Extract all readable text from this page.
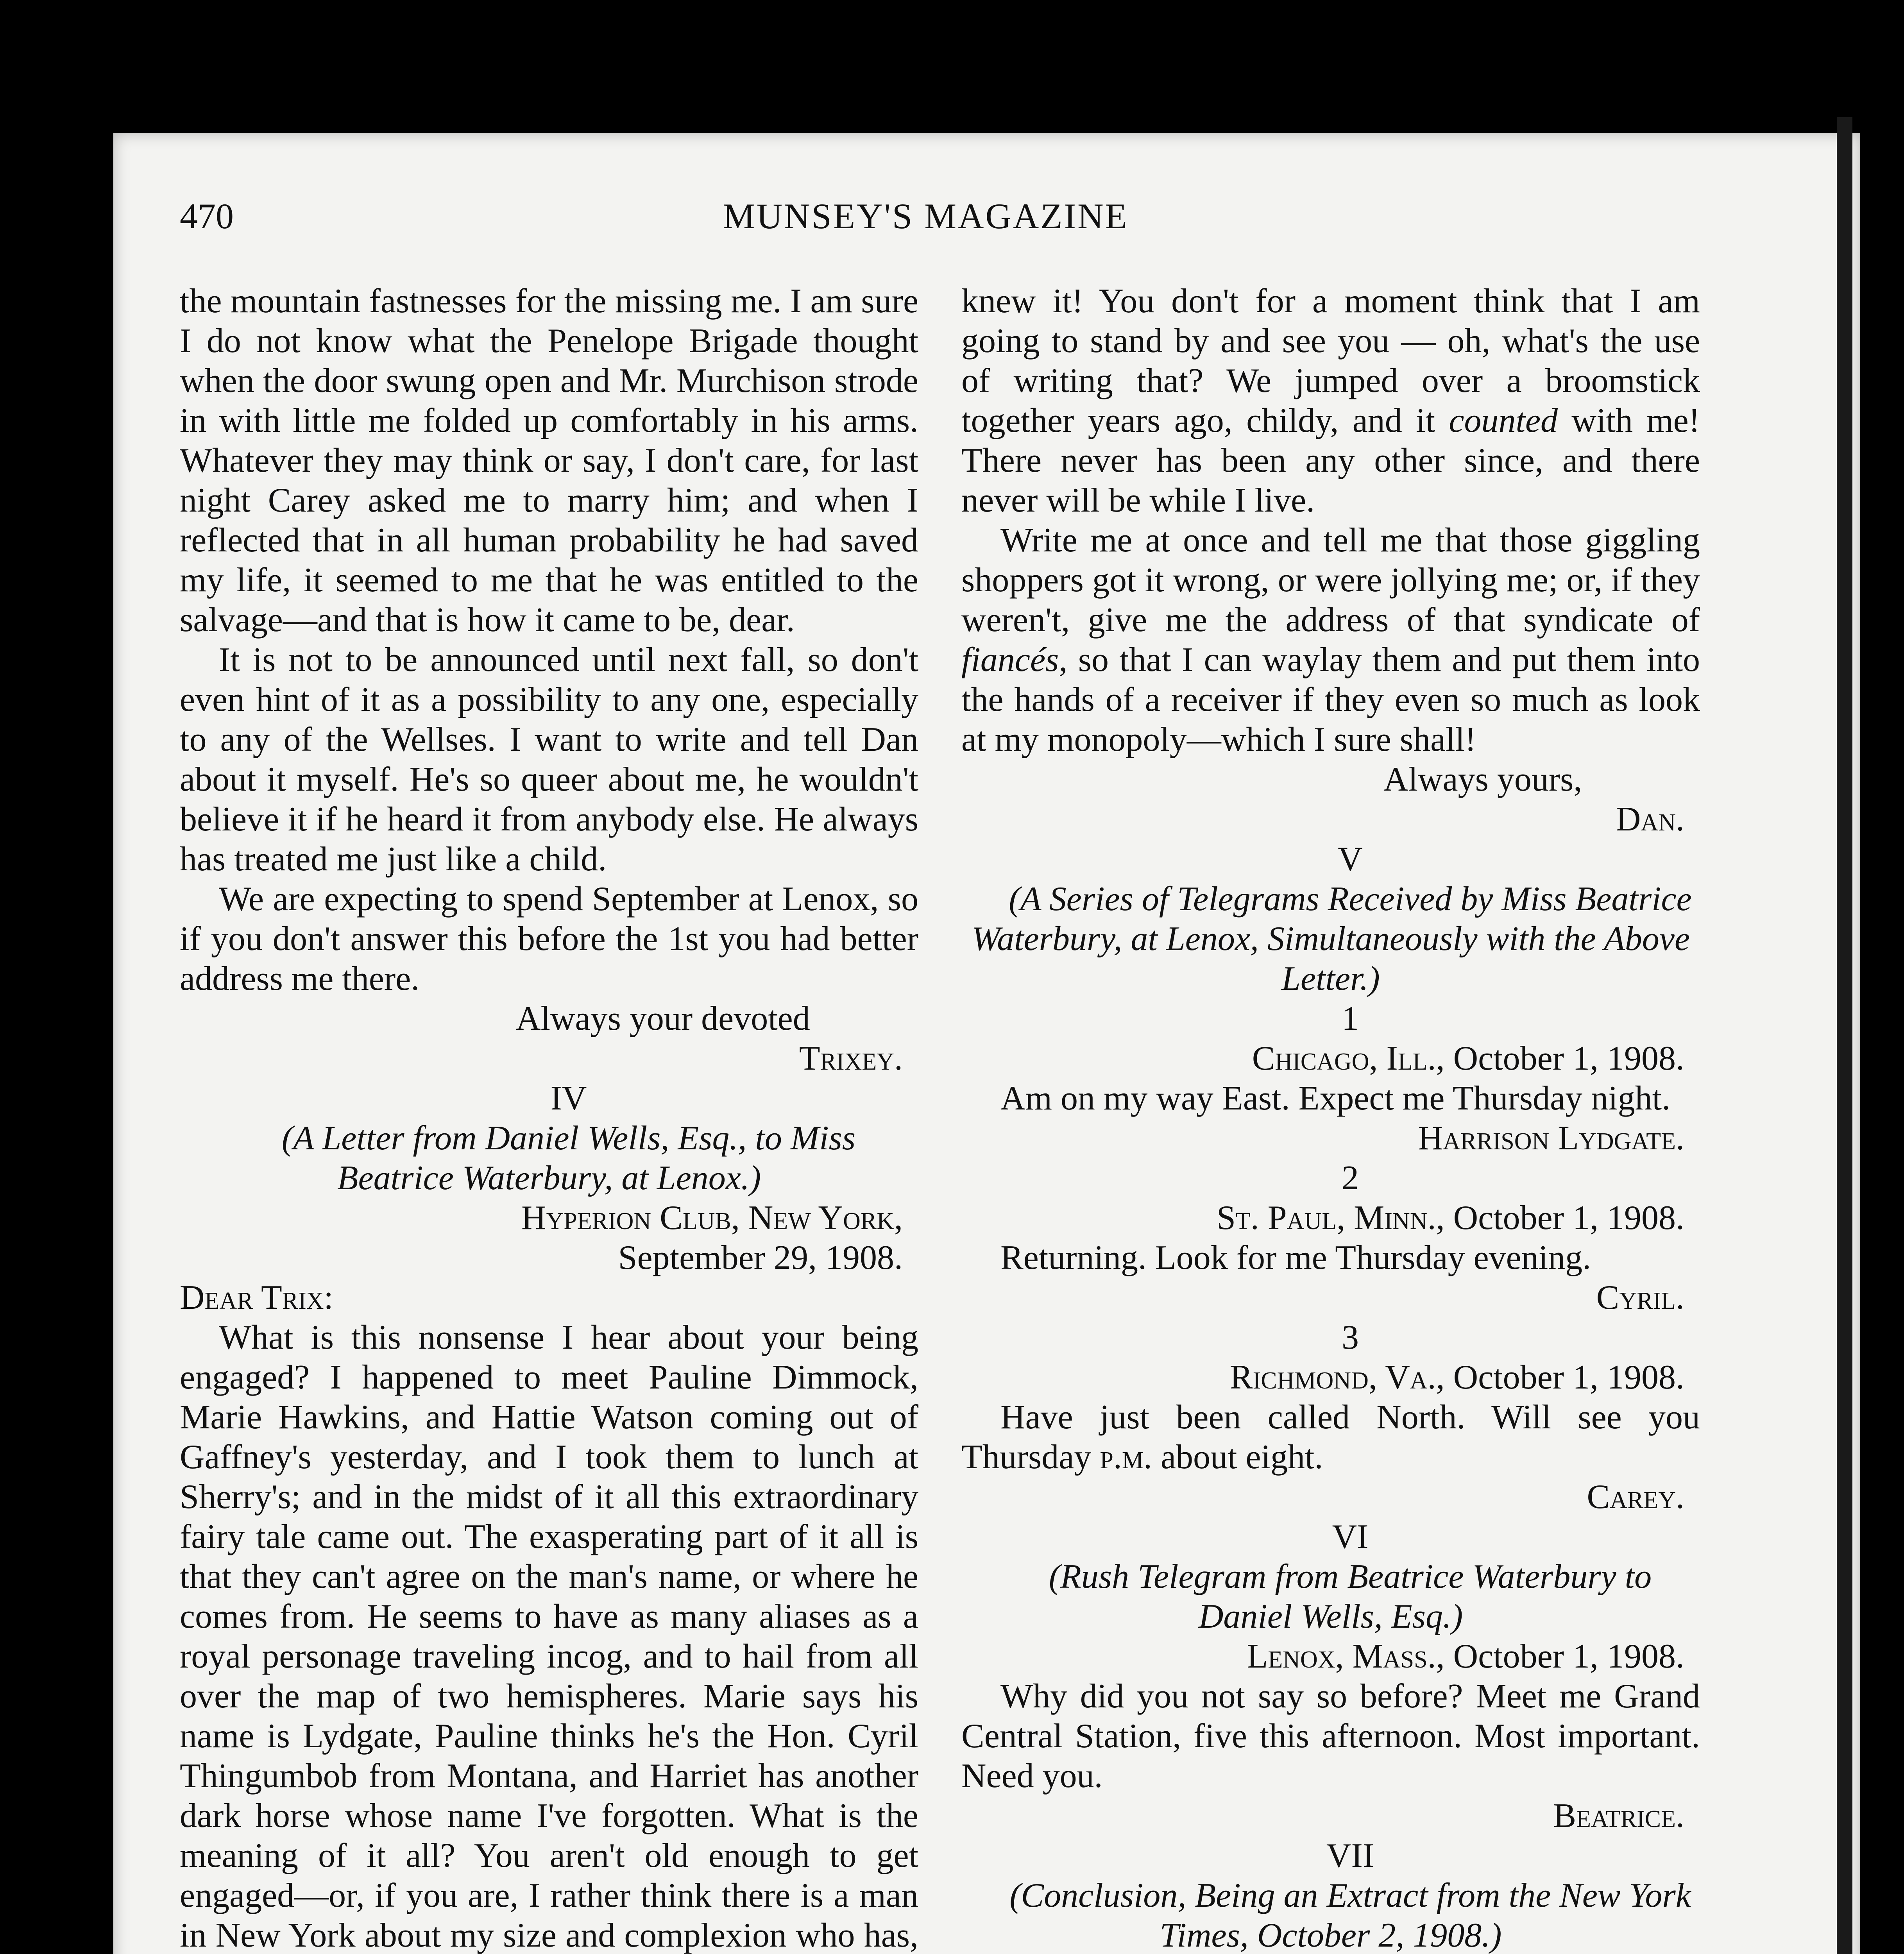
470	MUNSEY'S MAGAZINE

the mountain fastnesses for the missing me. I am sure I do not know what the Penelope Brigade thought when the door swung open and Mr. Murchison strode in with little me folded up comfortably in his arms. Whatever they may think or say, I don't care, for last night Carey asked me to marry him; and when I reflected that in all human probability he had saved my life, it seemed to me that he was entitled to the salvage—and that is how it came to be, dear.

It is not to be announced until next fall, so don't even hint of it as a possibility to any one, especially to any of the Wellses. I want to write and tell Dan about it myself. He's so queer about me, he wouldn't believe it if he heard it from anybody else. He always has treated me just like a child.

We are expecting to spend September at Lenox, so if you don't answer this before the 1st you had better address me there.

Always your devoted

Trixey.

IV

(A Letter from Daniel Wells, Esq., to Miss Beatrice Waterbury, at Lenox.)

Hyperion Club, New York,

September 29, 1908.

Dear Trix:

What is this nonsense I hear about your being engaged? I happened to meet Pauline Dimmock, Marie Hawkins, and Hattie Watson coming out of Gaffney's yesterday, and I took them to lunch at Sherry's; and in the midst of it all this extraordinary fairy tale came out. The exasperating part of it all is that they can't agree on the man's name, or where he comes from. He seems to have as many aliases as a royal personage traveling incog, and to hail from all over the map of two hemispheres. Marie says his name is Lydgate, Pauline thinks he's the Hon. Cyril Thingumbob from Montana, and Harriet has another dark horse whose name I've forgotten. What is the meaning of it all? You aren't old enough to get engaged—or, if you are, I rather think there is a man in New York about my size and complexion who has,

knew it! You don't for a moment think that I am going to stand by and see you — oh, what's the use of writing that? We jumped over a broomstick together years ago, childy, and it counted with me! There never has been any other since, and there never will be while I live.

Write me at once and tell me that those giggling shoppers got it wrong, or were jollying me; or, if they weren't, give me the address of that syndicate of fiancés, so that I can waylay them and put them into the hands of a receiver if they even so much as look at my monopoly—which I sure shall!

Always yours,

Dan.

V

(A Series of Telegrams Received by Miss Beatrice Waterbury, at Lenox, Simultaneously with the Above Letter.)

1

Chicago, Ill., October 1, 1908.

Am on my way East. Expect me Thursday night.

Harrison Lydgate.

2

St. Paul, Minn., October 1, 1908.

Returning. Look for me Thursday evening.

Cyril.

3

Richmond, Va., October 1, 1908.

Have just been called North. Will see you Thursday p.m. about eight.

Carey.

VI

(Rush Telegram from Beatrice Waterbury to Daniel Wells, Esq.)

Lenox, Mass., October 1, 1908.

Why did you not say so before? Meet me Grand Central Station, five this afternoon. Most important. Need you.

Beatrice.

VII

(Conclusion, Being an Extract from the New York Times, October 2, 1908.)
